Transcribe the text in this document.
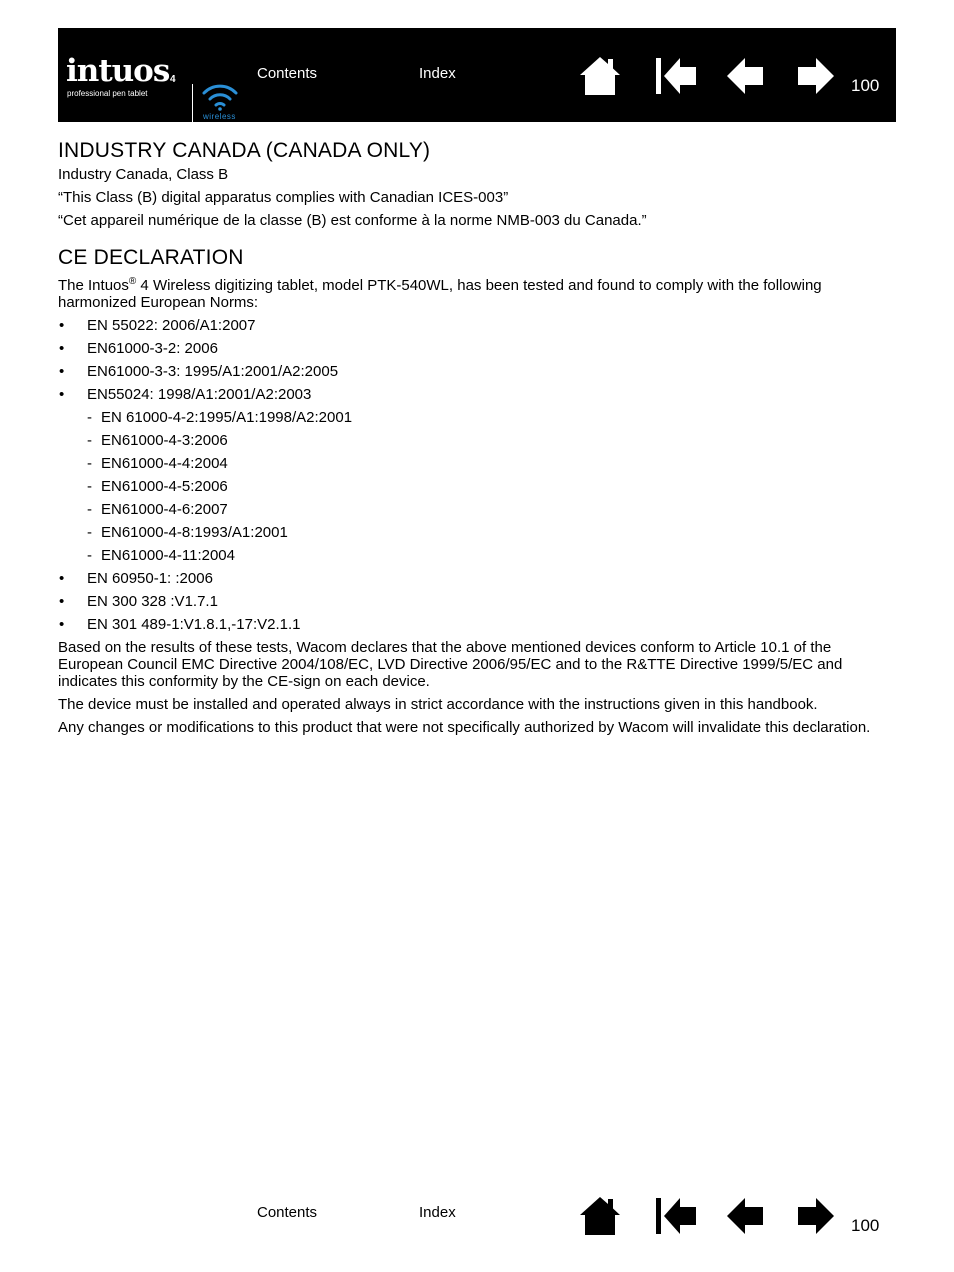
intuos 4
professional pen tablet
wireless
Contents	Index
100
INDUSTRY CANADA (CANADA ONLY)

Industry Canada, Class B

“This Class (B) digital apparatus complies with Canadian ICES-003”

“Cet appareil numérique de la classe (B) est conforme à la norme NMB-003 du Canada.”

CE DECLARATION

The Intuos® 4 Wireless digitizing tablet, model PTK-540WL, has been tested and found to comply with the following harmonized European Norms:

• EN 55022: 2006/A1:2007
• EN61000-3-2: 2006
• EN61000-3-3: 1995/A1:2001/A2:2005
• EN55024: 1998/A1:2001/A2:2003
- EN 61000-4-2:1995/A1:1998/A2:2001
- EN61000-4-3:2006
- EN61000-4-4:2004
- EN61000-4-5:2006
- EN61000-4-6:2007
- EN61000-4-8:1993/A1:2001
- EN61000-4-11:2004
• EN 60950-1: :2006
• EN 300 328 :V1.7.1
• EN 301 489-1:V1.8.1,-17:V2.1.1

Based on the results of these tests, Wacom declares that the above mentioned devices conform to Article 10.1 of the European Council EMC Directive 2004/108/EC, LVD Directive 2006/95/EC and to the R&TTE Directive 1999/5/EC and indicates this conformity by the CE-sign on each device.

The device must be installed and operated always in strict accordance with the instructions given in this handbook.

Any changes or modifications to this product that were not specifically authorized by Wacom will invalidate this declaration.

Contents	Index
100
